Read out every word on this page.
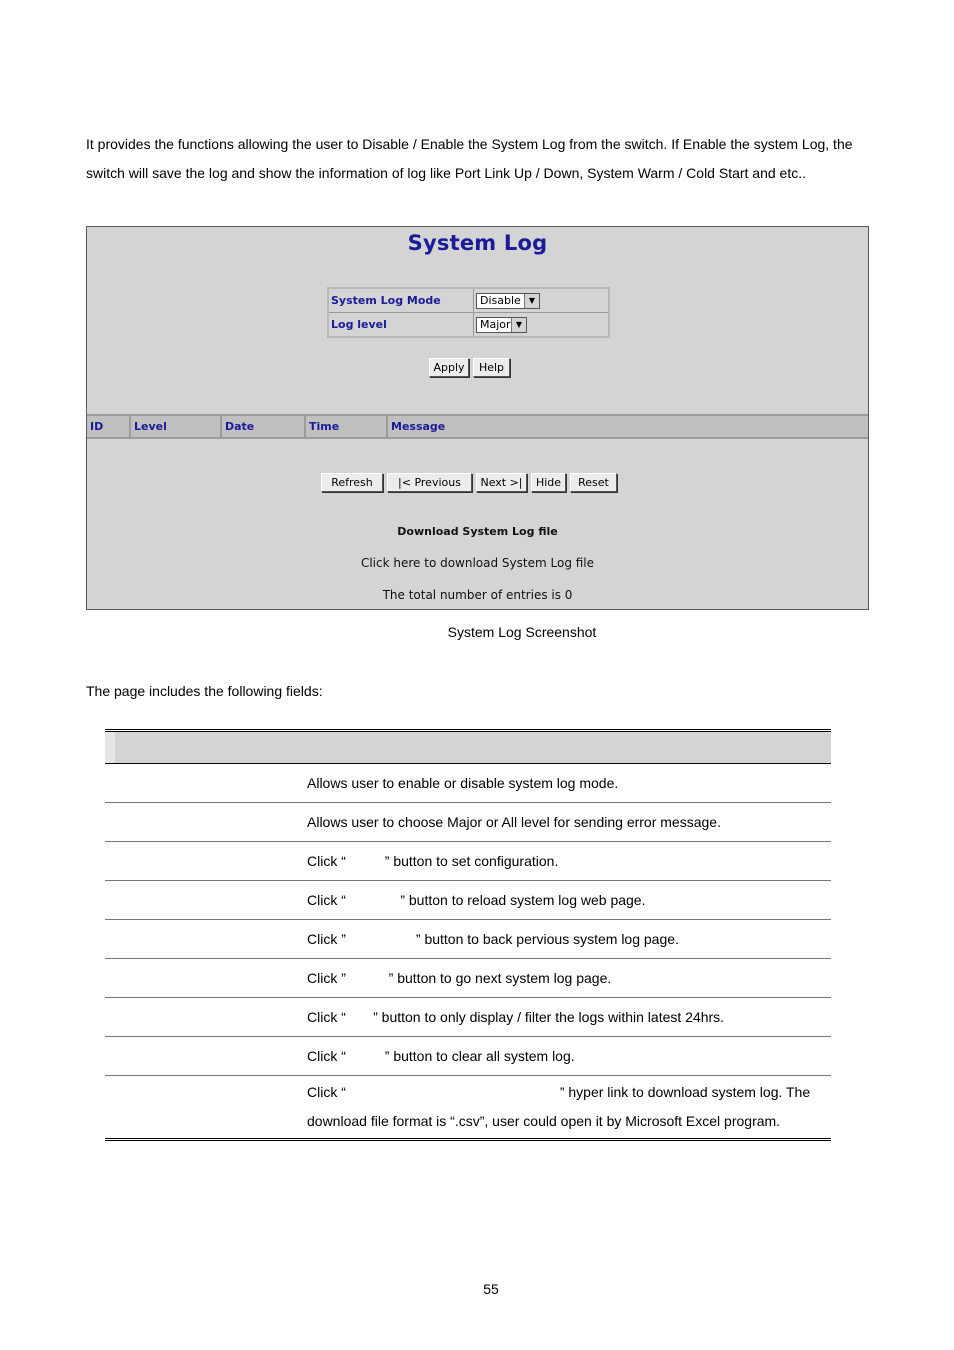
It provides the functions allowing the user to Disable / Enable the System Log from the switch. If Enable the system Log, the switch will save the log and show the information of log like Port Link Up / Down, System Warm / Cold Start and etc..

System Log
System Log Mode	Disable ▼

Log level	Major ▼
Apply	Help
ID	Level	Date	Time	Message
Refresh	|< Previous	Next >|	Hide	Reset
Download System Log file
Click here to download System Log file
The total number of entries is 0
System Log Screenshot

The page includes the following fields:

Allows user to enable or disable system log mode.
Allows user to choose Major or All level for sending error message.
Click “          ” button to set configuration.
Click “              ” button to reload system log web page.
Click ”                  ” button to back pervious system log page.
Click ”           ” button to go next system log page.
Click “       ” button to only display / filter the logs within latest 24hrs.
Click “          ” button to clear all system log.
Click “                                                       ” hyper link to download system log. The download file format is “.csv”, user could open it by Microsoft Excel program.
55
